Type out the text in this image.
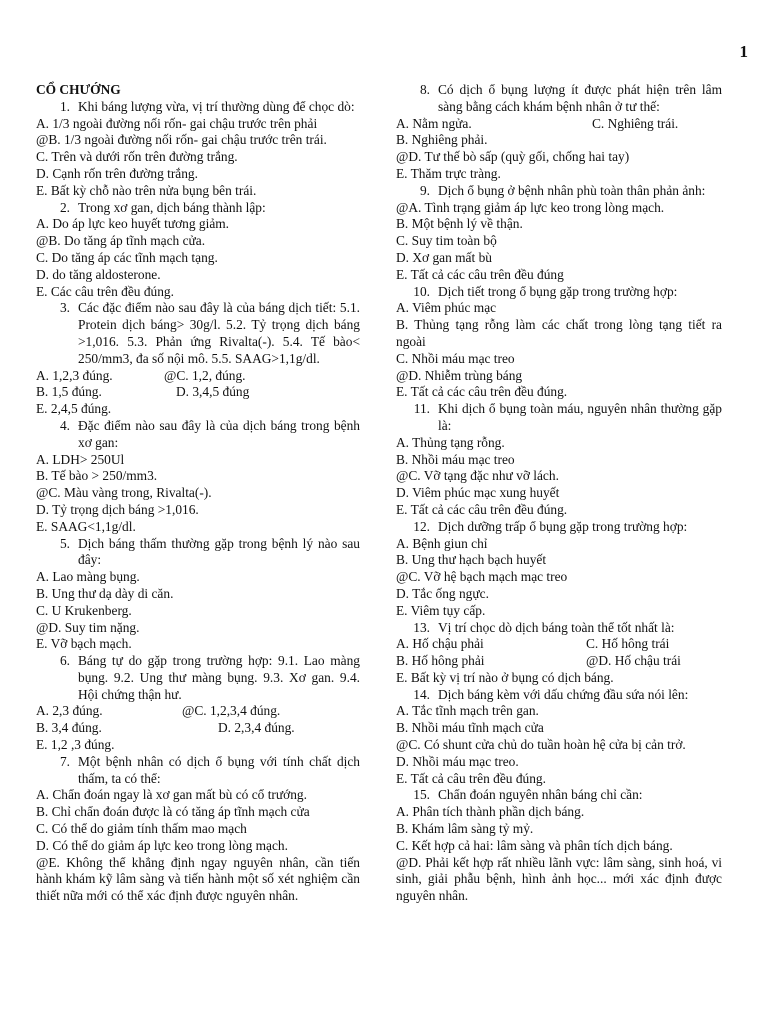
1
CỔ CHƯỚNG
1. Khi báng lượng vừa, vị trí thường dùng để chọc dò:
A. 1/3 ngoài đường nối rốn- gai chậu trước trên phải
@B. 1/3 ngoài đường nối rốn- gai chậu trước trên trái.
C. Trên và dưới rốn trên đường trắng.
D. Cạnh rốn trên đường trắng.
E. Bất kỳ chỗ nào trên nửa bụng bên trái.
2. Trong xơ gan, dịch báng thành lập:
A. Do áp lực keo huyết tương giảm.
@B. Do tăng áp tĩnh mạch cửa.
C. Do tăng áp các tĩnh mạch tạng.
D. do tăng aldosterone.
E. Các câu trên đều đúng.
3. Các đặc điểm nào sau đây là của báng dịch tiết: 5.1. Protein dịch báng> 30g/l. 5.2. Tỷ trọng dịch báng >1,016. 5.3. Phản ứng Rivalta(-). 5.4. Tế bào< 250/mm3, đa số nội mô. 5.5. SAAG>1,1g/dl.
A. 1,2,3 đúng.	@C. 1,2, đúng.
B. 1,5 đúng.	D. 3,4,5 đúng
E. 2,4,5 đúng.
4. Đặc điểm nào sau đây là của dịch báng trong bệnh xơ gan:
A. LDH> 250Ul
B. Tế bào > 250/mm3.
@C. Màu vàng trong, Rivalta(-).
D. Tỷ trọng dịch báng >1,016.
E. SAAG<1,1g/dl.
5. Dịch báng thấm thường gặp trong bệnh lý nào sau đây:
A. Lao màng bụng.
B. Ung thư dạ dày di căn.
C. U Krukenberg.
@D. Suy tim nặng.
E. Vỡ bạch mạch.
6. Báng tự do gặp trong trường hợp: 9.1. Lao màng bụng. 9.2. Ung thư màng bụng. 9.3. Xơ gan. 9.4. Hội chứng thận hư.
A. 2,3 đúng.	@C. 1,2,3,4 đúng.
B. 3,4 đúng.	D. 2,3,4 đúng.
E. 1,2 ,3 đúng.
7. Một bệnh nhân có dịch ổ bụng với tính chất dịch thấm, ta có thể:
A. Chẩn đoán ngay là xơ gan mất bù có cổ trướng.
B. Chỉ chẩn đoán được là có tăng áp tĩnh mạch cửa
C. Có thể do giảm tính thấm mao mạch
D. Có thể do giảm áp lực keo trong lòng mạch.
@E. Không thể khẳng định ngay nguyên nhân, cần tiến hành khám kỹ lâm sàng và tiến hành một số xét nghiệm cần thiết nữa mới có thể xác định được nguyên nhân.
8. Có dịch ổ bụng lượng ít được phát hiện trên lâm sàng bằng cách khám bệnh nhân ở tư thế:
A. Nằm ngửa.	C. Nghiêng trái.
B. Nghiêng phải.
@D. Tư thế bò sấp (quỳ gối, chống hai tay)
E. Thăm trực tràng.
9. Dịch ổ bụng ở bệnh nhân phù toàn thân phản ảnh:
@A. Tình trạng giảm áp lực keo trong lòng mạch.
B. Một bệnh lý về thận.
C. Suy tim toàn bộ
D. Xơ gan mất bù
E. Tất cả các câu trên đều đúng
10. Dịch tiết trong ổ bụng gặp trong trường hợp:
A. Viêm phúc mạc
B. Thủng tạng rỗng làm các chất trong lòng tạng tiết ra ngoài
C. Nhồi máu mạc treo
@D. Nhiễm trùng báng
E. Tất cả các câu trên đều đúng.
11. Khi dịch ổ bụng toàn máu, nguyên nhân thường gặp là:
A. Thủng tạng rỗng.
B. Nhồi máu mạc treo
@C. Vỡ tạng đặc như vỡ lách.
D. Viêm phúc mạc xung huyết
E. Tất cả các câu trên đều đúng.
12. Dịch dưỡng trấp ổ bụng gặp trong trường hợp:
A. Bệnh giun chỉ
B. Ung thư hạch bạch huyết
@C. Vỡ hệ bạch mạch mạc treo
D. Tắc ống ngực.
E. Viêm tụy cấp.
13. Vị trí chọc dò dịch báng toàn thể tốt nhất là:
A. Hố chậu phải	C. Hố hông trái
B. Hố hông phải	@D. Hố chậu trái
E. Bất kỳ vị trí nào ở bụng có dịch báng.
14. Dịch báng kèm với dấu chứng đầu sứa nói lên:
A. Tắc tĩnh mạch trên gan.
B. Nhồi máu tĩnh mạch cửa
@C. Có shunt cửa chủ do tuần hoàn hệ cửa bị cản trở.
D. Nhồi máu mạc treo.
E. Tất cả câu trên đều đúng.
15. Chẩn đoán nguyên nhân báng chỉ cần:
A. Phân tích thành phần dịch báng.
B. Khám lâm sàng tỷ mỷ.
C. Kết hợp cả hai: lâm sàng và phân tích dịch báng.
@D. Phải kết hợp rất nhiều lãnh vực: lâm sàng, sinh hoá, vi sinh, giải phẫu bệnh, hình ảnh học... mới xác định được nguyên nhân.
